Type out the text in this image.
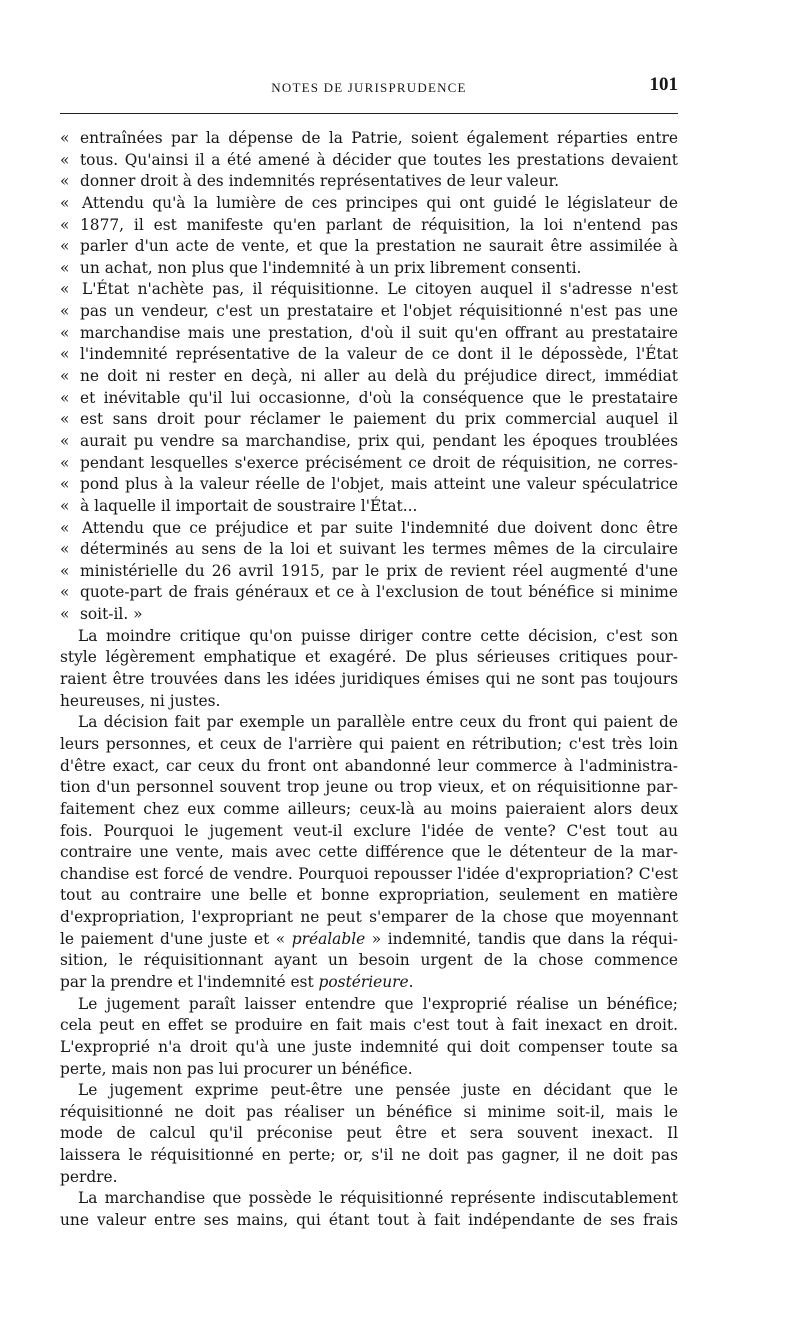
NOTES DE JURISPRUDENCE	101
« entraînées par la dépense de la Patrie, soient également réparties entre
« tous. Qu'ainsi il a été amené à décider que toutes les prestations devaient
« donner droit à des indemnités représentatives de leur valeur.
« Attendu qu'à la lumière de ces principes qui ont guidé le législateur de
« 1877, il est manifeste qu'en parlant de réquisition, la loi n'entend pas
« parler d'un acte de vente, et que la prestation ne saurait être assimilée à
« un achat, non plus que l'indemnité à un prix librement consenti.
« L'État n'achète pas, il réquisitionne. Le citoyen auquel il s'adresse n'est
« pas un vendeur, c'est un prestataire et l'objet réquisitionné n'est pas une
« marchandise mais une prestation, d'où il suit qu'en offrant au prestataire
« l'indemnité représentative de la valeur de ce dont il le dépossède, l'État
« ne doit ni rester en deçà, ni aller au delà du préjudice direct, immédiat
« et inévitable qu'il lui occasionne, d'où la conséquence que le prestataire
« est sans droit pour réclamer le paiement du prix commercial auquel il
« aurait pu vendre sa marchandise, prix qui, pendant les époques troublées
« pendant lesquelles s'exerce précisément ce droit de réquisition, ne corres-
« pond plus à la valeur réelle de l'objet, mais atteint une valeur spéculatrice
« à laquelle il importait de soustraire l'État...
« Attendu que ce préjudice et par suite l'indemnité due doivent donc être
« déterminés au sens de la loi et suivant les termes mêmes de la circulaire
« ministérielle du 26 avril 1915, par le prix de revient réel augmenté d'une
« quote-part de frais généraux et ce à l'exclusion de tout bénéfice si minime
« soit-il. »
La moindre critique qu'on puisse diriger contre cette décision, c'est son
style légèrement emphatique et exagéré. De plus sérieuses critiques pour-
raient être trouvées dans les idées juridiques émises qui ne sont pas toujours
heureuses, ni justes.
La décision fait par exemple un parallèle entre ceux du front qui paient de
leurs personnes, et ceux de l'arrière qui paient en rétribution; c'est très loin
d'être exact, car ceux du front ont abandonné leur commerce à l'administra-
tion d'un personnel souvent trop jeune ou trop vieux, et on réquisitionne par-
faitement chez eux comme ailleurs; ceux-là au moins paieraient alors deux
fois. Pourquoi le jugement veut-il exclure l'idée de vente? C'est tout au
contraire une vente, mais avec cette différence que le détenteur de la mar-
chandise est forcé de vendre. Pourquoi repousser l'idée d'expropriation? C'est
tout au contraire une belle et bonne expropriation, seulement en matière
d'expropriation, l'expropriant ne peut s'emparer de la chose que moyennant
le paiement d'une juste et « préalable » indemnité, tandis que dans la réqui-
sition, le réquisitionnant ayant un besoin urgent de la chose commence
par la prendre et l'indemnité est postérieure.
Le jugement paraît laisser entendre que l'exproprié réalise un bénéfice;
cela peut en effet se produire en fait mais c'est tout à fait inexact en droit.
L'exproprié n'a droit qu'à une juste indemnité qui doit compenser toute sa
perte, mais non pas lui procurer un bénéfice.
Le jugement exprime peut-être une pensée juste en décidant que le
réquisitionné ne doit pas réaliser un bénéfice si minime soit-il, mais le
mode de calcul qu'il préconise peut être et sera souvent inexact. Il
laissera le réquisitionné en perte; or, s'il ne doit pas gagner, il ne doit pas
perdre.
La marchandise que possède le réquisitionné représente indiscutablement
une valeur entre ses mains, qui étant tout à fait indépendante de ses frais
